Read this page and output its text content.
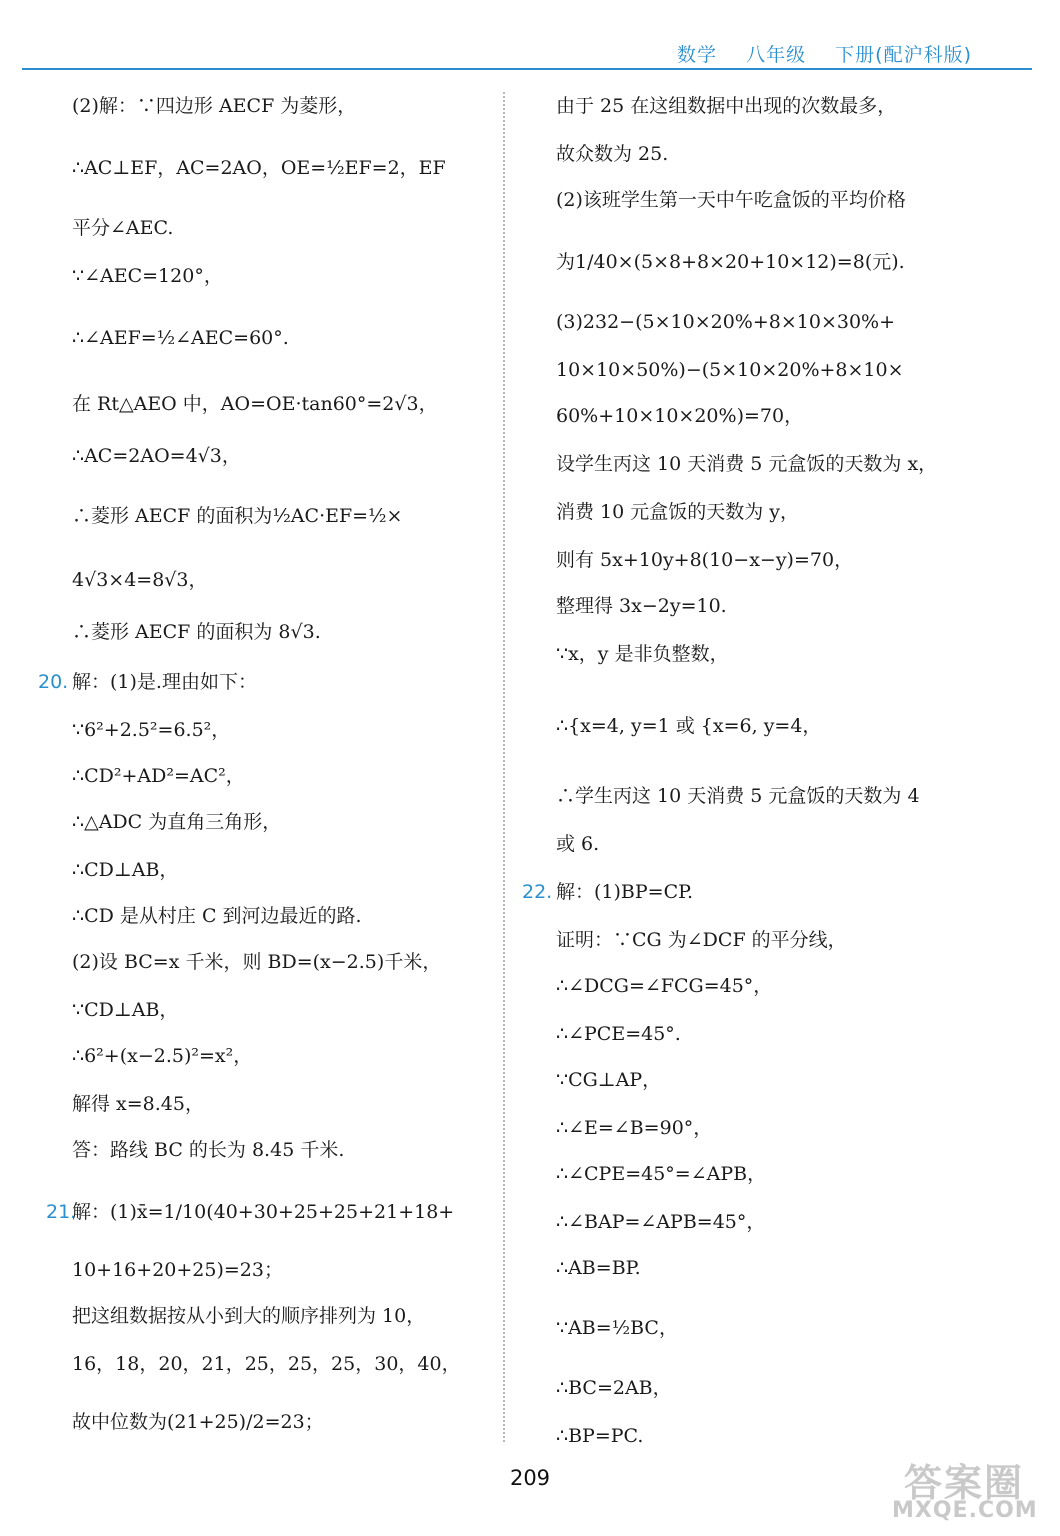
数学 八年级 下册(配沪科版)
(2)解：∵四边形 AECF 为菱形，
∴AC⊥EF，AC=2AO，OE=½EF=2，EF
平分∠AEC.
∵∠AEC=120°，
∴∠AEF=½∠AEC=60°.
在 Rt△AEO 中，AO=OE·tan60°=2√3，
∴AC=2AO=4√3，
∴菱形 AECF 的面积为½AC·EF=½×
4√3×4=8√3，
∴菱形 AECF 的面积为 8√3.
20. 解：(1)是.理由如下：
∵6²+2.5²=6.5²，
∴CD²+AD²=AC²，
∴△ADC 为直角三角形，
∴CD⊥AB，
∴CD 是从村庄 C 到河边最近的路.
(2)设 BC=x 千米，则 BD=(x−2.5)千米，
∵CD⊥AB，
∴6²+(x−2.5)²=x²，
解得 x=8.45，
答：路线 BC 的长为 8.45 千米.
21.
解：(1)x̄=1/10(40+30+25+25+21+18+
10+16+20+25)=23；
把这组数据按从小到大的顺序排列为 10，
16，18，20，21，25，25，25，30，40，
故中位数为(21+25)/2=23；
由于 25 在这组数据中出现的次数最多，
故众数为 25.
(2)该班学生第一天中午吃盒饭的平均价格
为1/40×(5×8+8×20+10×12)=8(元).
(3)232−(5×10×20%+8×10×30%+
10×10×50%)−(5×10×20%+8×10×
60%+10×10×20%)=70，
设学生丙这 10 天消费 5 元盒饭的天数为 x，
消费 10 元盒饭的天数为 y，
则有 5x+10y+8(10−x−y)=70，
整理得 3x−2y=10.
∵x，y 是非负整数，
∴{x=4, y=1 或 {x=6, y=4，
∴学生丙这 10 天消费 5 元盒饭的天数为 4
或 6.
22. 解：(1)BP=CP.
证明：∵CG 为∠DCF 的平分线，
∴∠DCG=∠FCG=45°，
∴∠PCE=45°.
∵CG⊥AP，
∴∠E=∠B=90°，
∴∠CPE=45°=∠APB，
∴∠BAP=∠APB=45°，
∴AB=BP.
∵AB=½BC，
∴BC=2AB，
∴BP=PC.
209	答案圈
MXQE.COM
